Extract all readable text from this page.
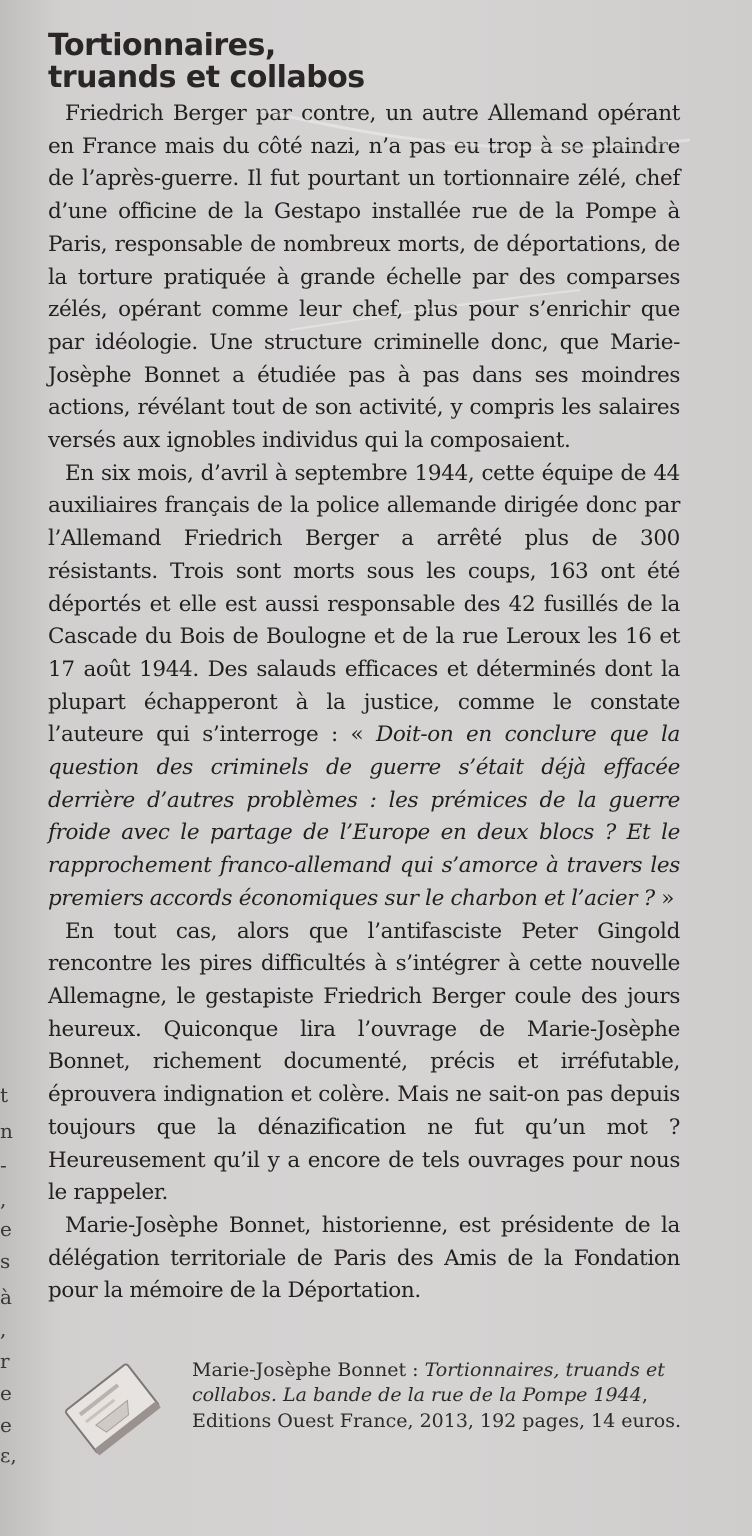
t
n
-
,
e
s
à
,
r
e
e
ε,
Tortionnaires,
truands et collabos

Friedrich Berger par contre, un autre Allemand opérant en France mais du côté nazi, n’a pas eu trop à se plaindre de l’après-guerre. Il fut pourtant un tortionnaire zélé, chef d’une officine de la Gestapo installée rue de la Pompe à Paris, responsable de nombreux morts, de déportations, de la torture pratiquée à grande échelle par des comparses zélés, opérant comme leur chef, plus pour s’enrichir que par idéologie. Une structure criminelle donc, que Marie-Josèphe Bonnet a étudiée pas à pas dans ses moindres actions, révélant tout de son activité, y compris les salaires versés aux ignobles individus qui la composaient.

En six mois, d’avril à septembre 1944, cette équipe de 44 auxiliaires français de la police allemande dirigée donc par l’Allemand Friedrich Berger a arrêté plus de 300 résistants. Trois sont morts sous les coups, 163 ont été déportés et elle est aussi responsable des 42 fusillés de la Cascade du Bois de Boulogne et de la rue Leroux les 16 et 17 août 1944. Des salauds efficaces et déterminés dont la plupart échapperont à la justice, comme le constate l’auteure qui s’interroge : « Doit-on en conclure que la question des criminels de guerre s’était déjà effacée derrière d’autres problèmes : les prémices de la guerre froide avec le partage de l’Europe en deux blocs ? Et le rapprochement franco-allemand qui s’amorce à travers les premiers accords économiques sur le charbon et l’acier ? »

En tout cas, alors que l’antifasciste Peter Gingold rencontre les pires difficultés à s’intégrer à cette nouvelle Allemagne, le gestapiste Friedrich Berger coule des jours heureux. Quiconque lira l’ouvrage de Marie-Josèphe Bonnet, richement documenté, précis et irréfutable, éprouvera indignation et colère. Mais ne sait-on pas depuis toujours que la dénazification ne fut qu’un mot ? Heureusement qu’il y a encore de tels ouvrages pour nous le rappeler.

Marie-Josèphe Bonnet, historienne, est présidente de la délégation territoriale de Paris des Amis de la Fondation pour la mémoire de la Déportation.

Marie-Josèphe Bonnet : Tortionnaires, truands et collabos. La bande de la rue de la Pompe 1944, Editions Ouest France, 2013, 192 pages, 14 euros.
